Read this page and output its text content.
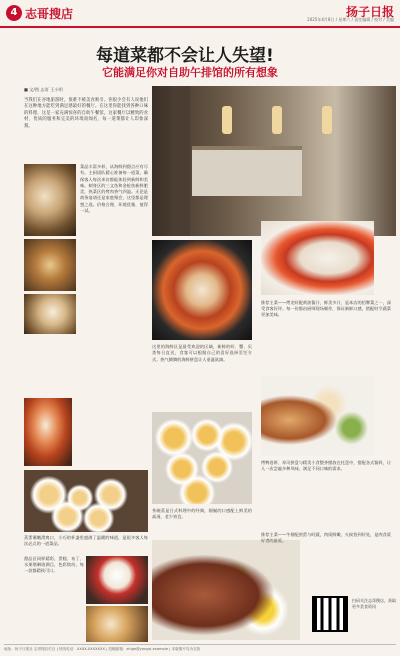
4 志哥搜店	扬子日报
2025年4月8日 / 星期六 / 责任编辑 / 校对 / 美编
每道菜都不会让人失望!
它能满足你对自助午排馆的所有想象
■ 文/图 志哥 王小明
当我们在谷地旅游时，很难不被美食吸引。你很少会有人说他们在这种地方能吃到满足感最好的餐厅。在这里你能找到各种口味的料理，这是一家充满惊喜的自助午餐馆。这家餐厅以精致的食材、优质的服务和完美的环境而闻名，每一道菜都让人印象深刻。
菜品丰富多样，从海鲜到甜点应有尽有。主厨团队精心准备每一道菜，确保客人每次来访都能体验到新鲜和美味。刺身区的三文鱼和金枪鱼新鲜肥美，热菜区的烤肉香气四溢。无论是商务宴请还是家庭聚会，这里都是理想之选。价格合理、环境优雅，值得一试。
推荐主菜——烤龙虾配黄油酱汁，鲜美多汁，是本店的招牌菜之一，深受食客好评。每一份都由厨师现场制作，保证新鲜口感，搭配时令蔬菜更加美味。
这里的海鲜区是最受欢迎的区域，新鲜的虾、蟹、贝类每日直送，食客可以根据自己的喜好选择烹饪方式。热气腾腾的海鲜拼盘让人垂涎欲滴。
蒸蛋羹嫩滑爽口，小巧的杯盏里盛满了温暖的味道，是很多客人每次必点的一道菜品。
甜品区同样精彩，蛋糕、布丁、水果塔琳琅满目，色彩缤纷，每一款都精致可口。
茶碗蒸是日式料理中的经典，细腻的口感配上鲜美的高汤，老少皆宜。
烤鸭卷饼、寿司拼盘与精美小食整齐摆放在托盘中，搭配各式酱料，让人一次尝遍多种风味，满足不同口味的需求。
推荐主菜——牛排配煎蛋与时蔬，肉质鲜嫩、火候恰到好处，是肉食爱好者的最爱。
扫码关注志哥搜店，获取更多美食资讯
地址：扬子日报社 志哥搜店栏目 | 热线电话：XXXX-XXXXXXX | 投稿邮箱：zhige@yangzi.example | 本版图片均为实拍
